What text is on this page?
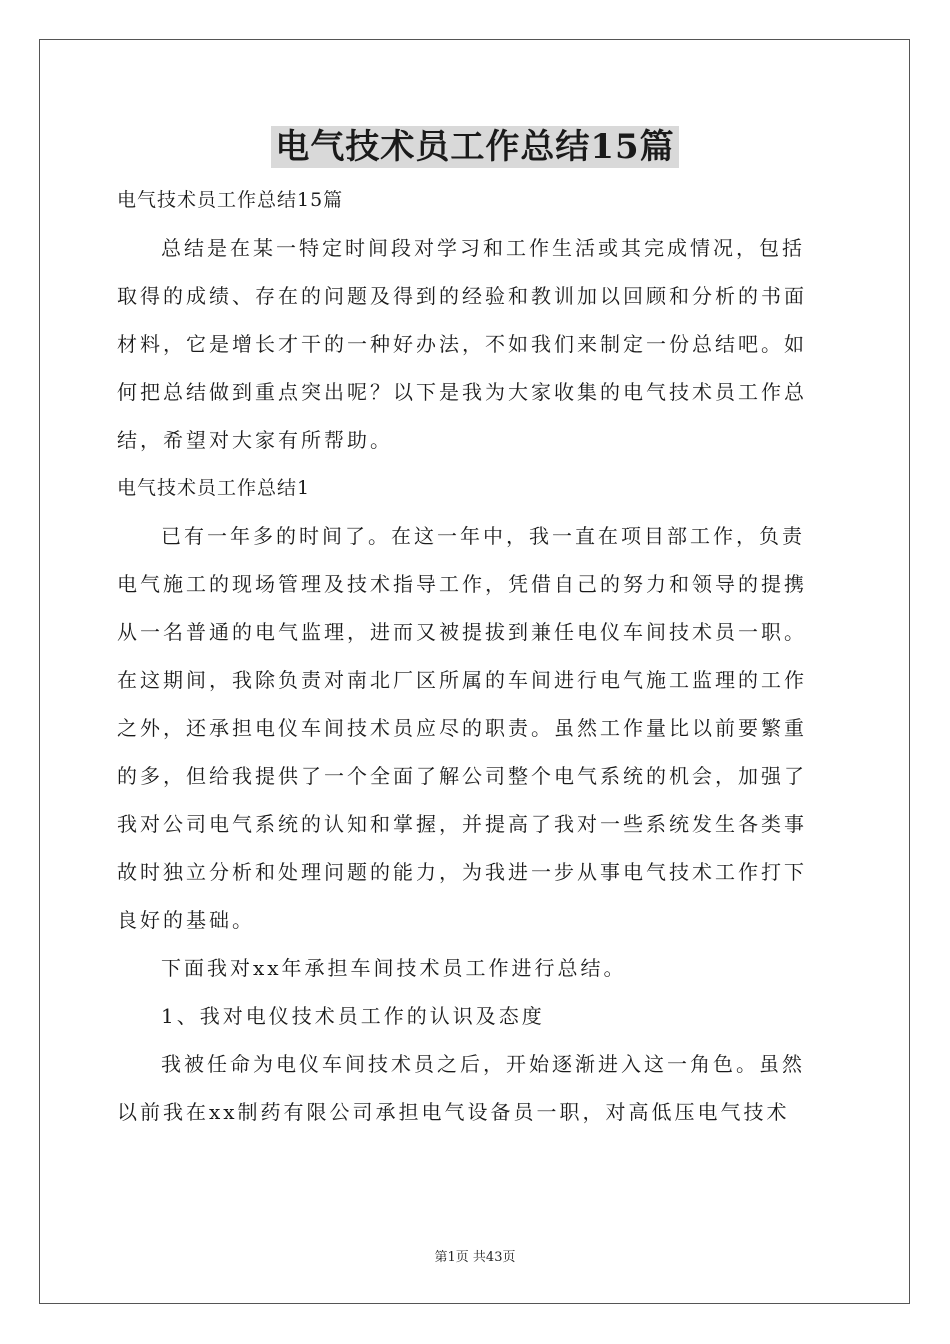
电气技术员工作总结15篇
电气技术员工作总结15篇
总结是在某一特定时间段对学习和工作生活或其完成情况，包括
取得的成绩、存在的问题及得到的经验和教训加以回顾和分析的书面
材料，它是增长才干的一种好办法，不如我们来制定一份总结吧。如
何把总结做到重点突出呢？以下是我为大家收集的电气技术员工作总
结，希望对大家有所帮助。
电气技术员工作总结1
已有一年多的时间了。在这一年中，我一直在项目部工作，负责
电气施工的现场管理及技术指导工作，凭借自己的努力和领导的提携
从一名普通的电气监理，进而又被提拔到兼任电仪车间技术员一职。
在这期间，我除负责对南北厂区所属的车间进行电气施工监理的工作
之外，还承担电仪车间技术员应尽的职责。虽然工作量比以前要繁重
的多，但给我提供了一个全面了解公司整个电气系统的机会，加强了
我对公司电气系统的认知和掌握，并提高了我对一些系统发生各类事
故时独立分析和处理问题的能力，为我进一步从事电气技术工作打下
良好的基础。
下面我对xx年承担车间技术员工作进行总结。
1、我对电仪技术员工作的认识及态度
我被任命为电仪车间技术员之后，开始逐渐进入这一角色。虽然
以前我在xx制药有限公司承担电气设备员一职，对高低压电气技术
第1页 共43页
